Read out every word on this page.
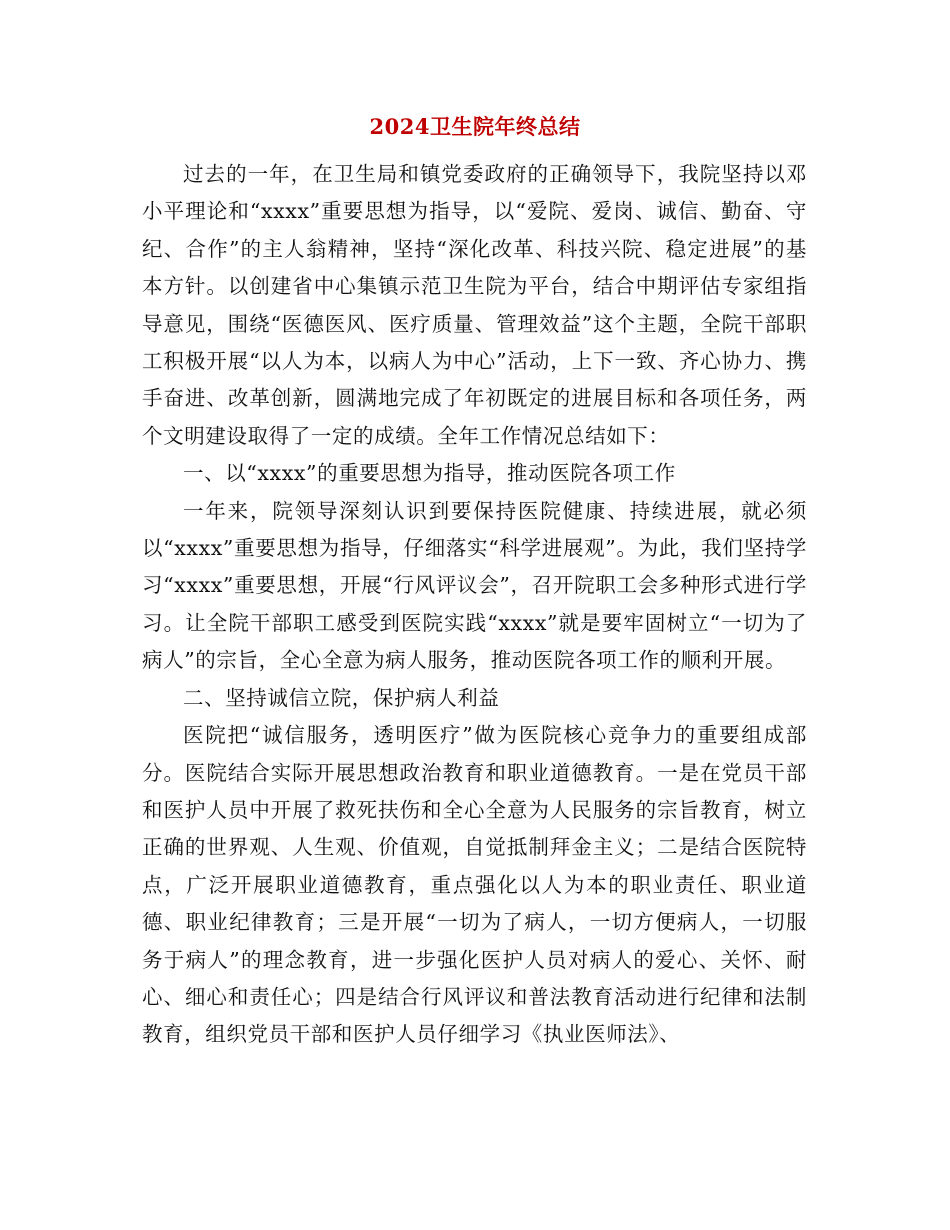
2024卫生院年终总结

过去的一年，在卫生局和镇党委政府的正确领导下，我院坚持以邓小平理论和“xxxx”重要思想为指导，以“爱院、爱岗、诚信、勤奋、守纪、合作”的主人翁精神，坚持“深化改革、科技兴院、稳定进展”的基本方针。以创建省中心集镇示范卫生院为平台，结合中期评估专家组指导意见，围绕“医德医风、医疗质量、管理效益”这个主题，全院干部职工积极开展“以人为本，以病人为中心”活动，上下一致、齐心协力、携手奋进、改革创新，圆满地完成了年初既定的进展目标和各项任务，两个文明建设取得了一定的成绩。全年工作情况总结如下：

一、以“xxxx”的重要思想为指导，推动医院各项工作

一年来，院领导深刻认识到要保持医院健康、持续进展，就必须以“xxxx”重要思想为指导，仔细落实“科学进展观”。为此，我们坚持学习“xxxx”重要思想，开展“行风评议会”，召开院职工会多种形式进行学习。让全院干部职工感受到医院实践“xxxx”就是要牢固树立“一切为了病人”的宗旨，全心全意为病人服务，推动医院各项工作的顺利开展。

二、坚持诚信立院，保护病人利益

医院把“诚信服务，透明医疗”做为医院核心竞争力的重要组成部分。医院结合实际开展思想政治教育和职业道德教育。一是在党员干部和医护人员中开展了救死扶伤和全心全意为人民服务的宗旨教育，树立正确的世界观、人生观、价值观，自觉抵制拜金主义；二是结合医院特点，广泛开展职业道德教育，重点强化以人为本的职业责任、职业道德、职业纪律教育；三是开展“一切为了病人，一切方便病人，一切服务于病人”的理念教育，进一步强化医护人员对病人的爱心、关怀、耐心、细心和责任心；四是结合行风评议和普法教育活动进行纪律和法制教育，组织党员干部和医护人员仔细学习《执业医师法》、
